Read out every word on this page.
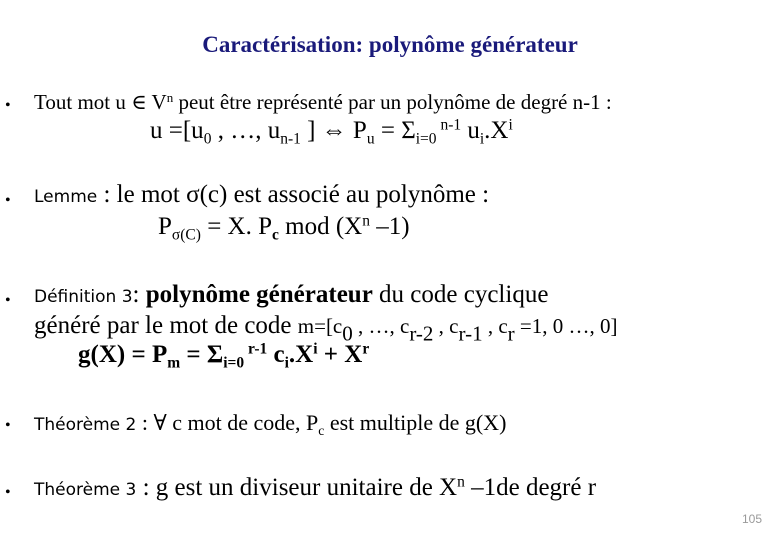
Caractérisation: polynôme générateur
• Tout mot u ∈ $V^n$ peut être représenté par un polynôme de degré n-1 :
$u =[u_0$ , …, $u_{n-1}$ ] ⇔ $P_u = \Sigma_{i=0}$ $^{n-1}$ $u_i.X^i$
• Lemme : le mot σ(c) est associé au polynôme :
$P_{\sigma(C)} = X$. $P_c$ mod ($X^n$ –1)
• Définition 3: polynôme générateur du code cyclique
généré par le mot de code $m=[c_0$ , …, $c_{r-2}$ , $c_{r-1}$ , $c_r =1$, 0 …, 0]
$g(X) = P_m = \Sigma_{i=0}$ $^{r-1}$ $c_i.X^i + X^r$
• Théorème 2 : ∀ c mot de code, $P_c$ est multiple de g(X)
• Théorème 3 : g est un diviseur unitaire de $X^n$ –1de degré r
105
